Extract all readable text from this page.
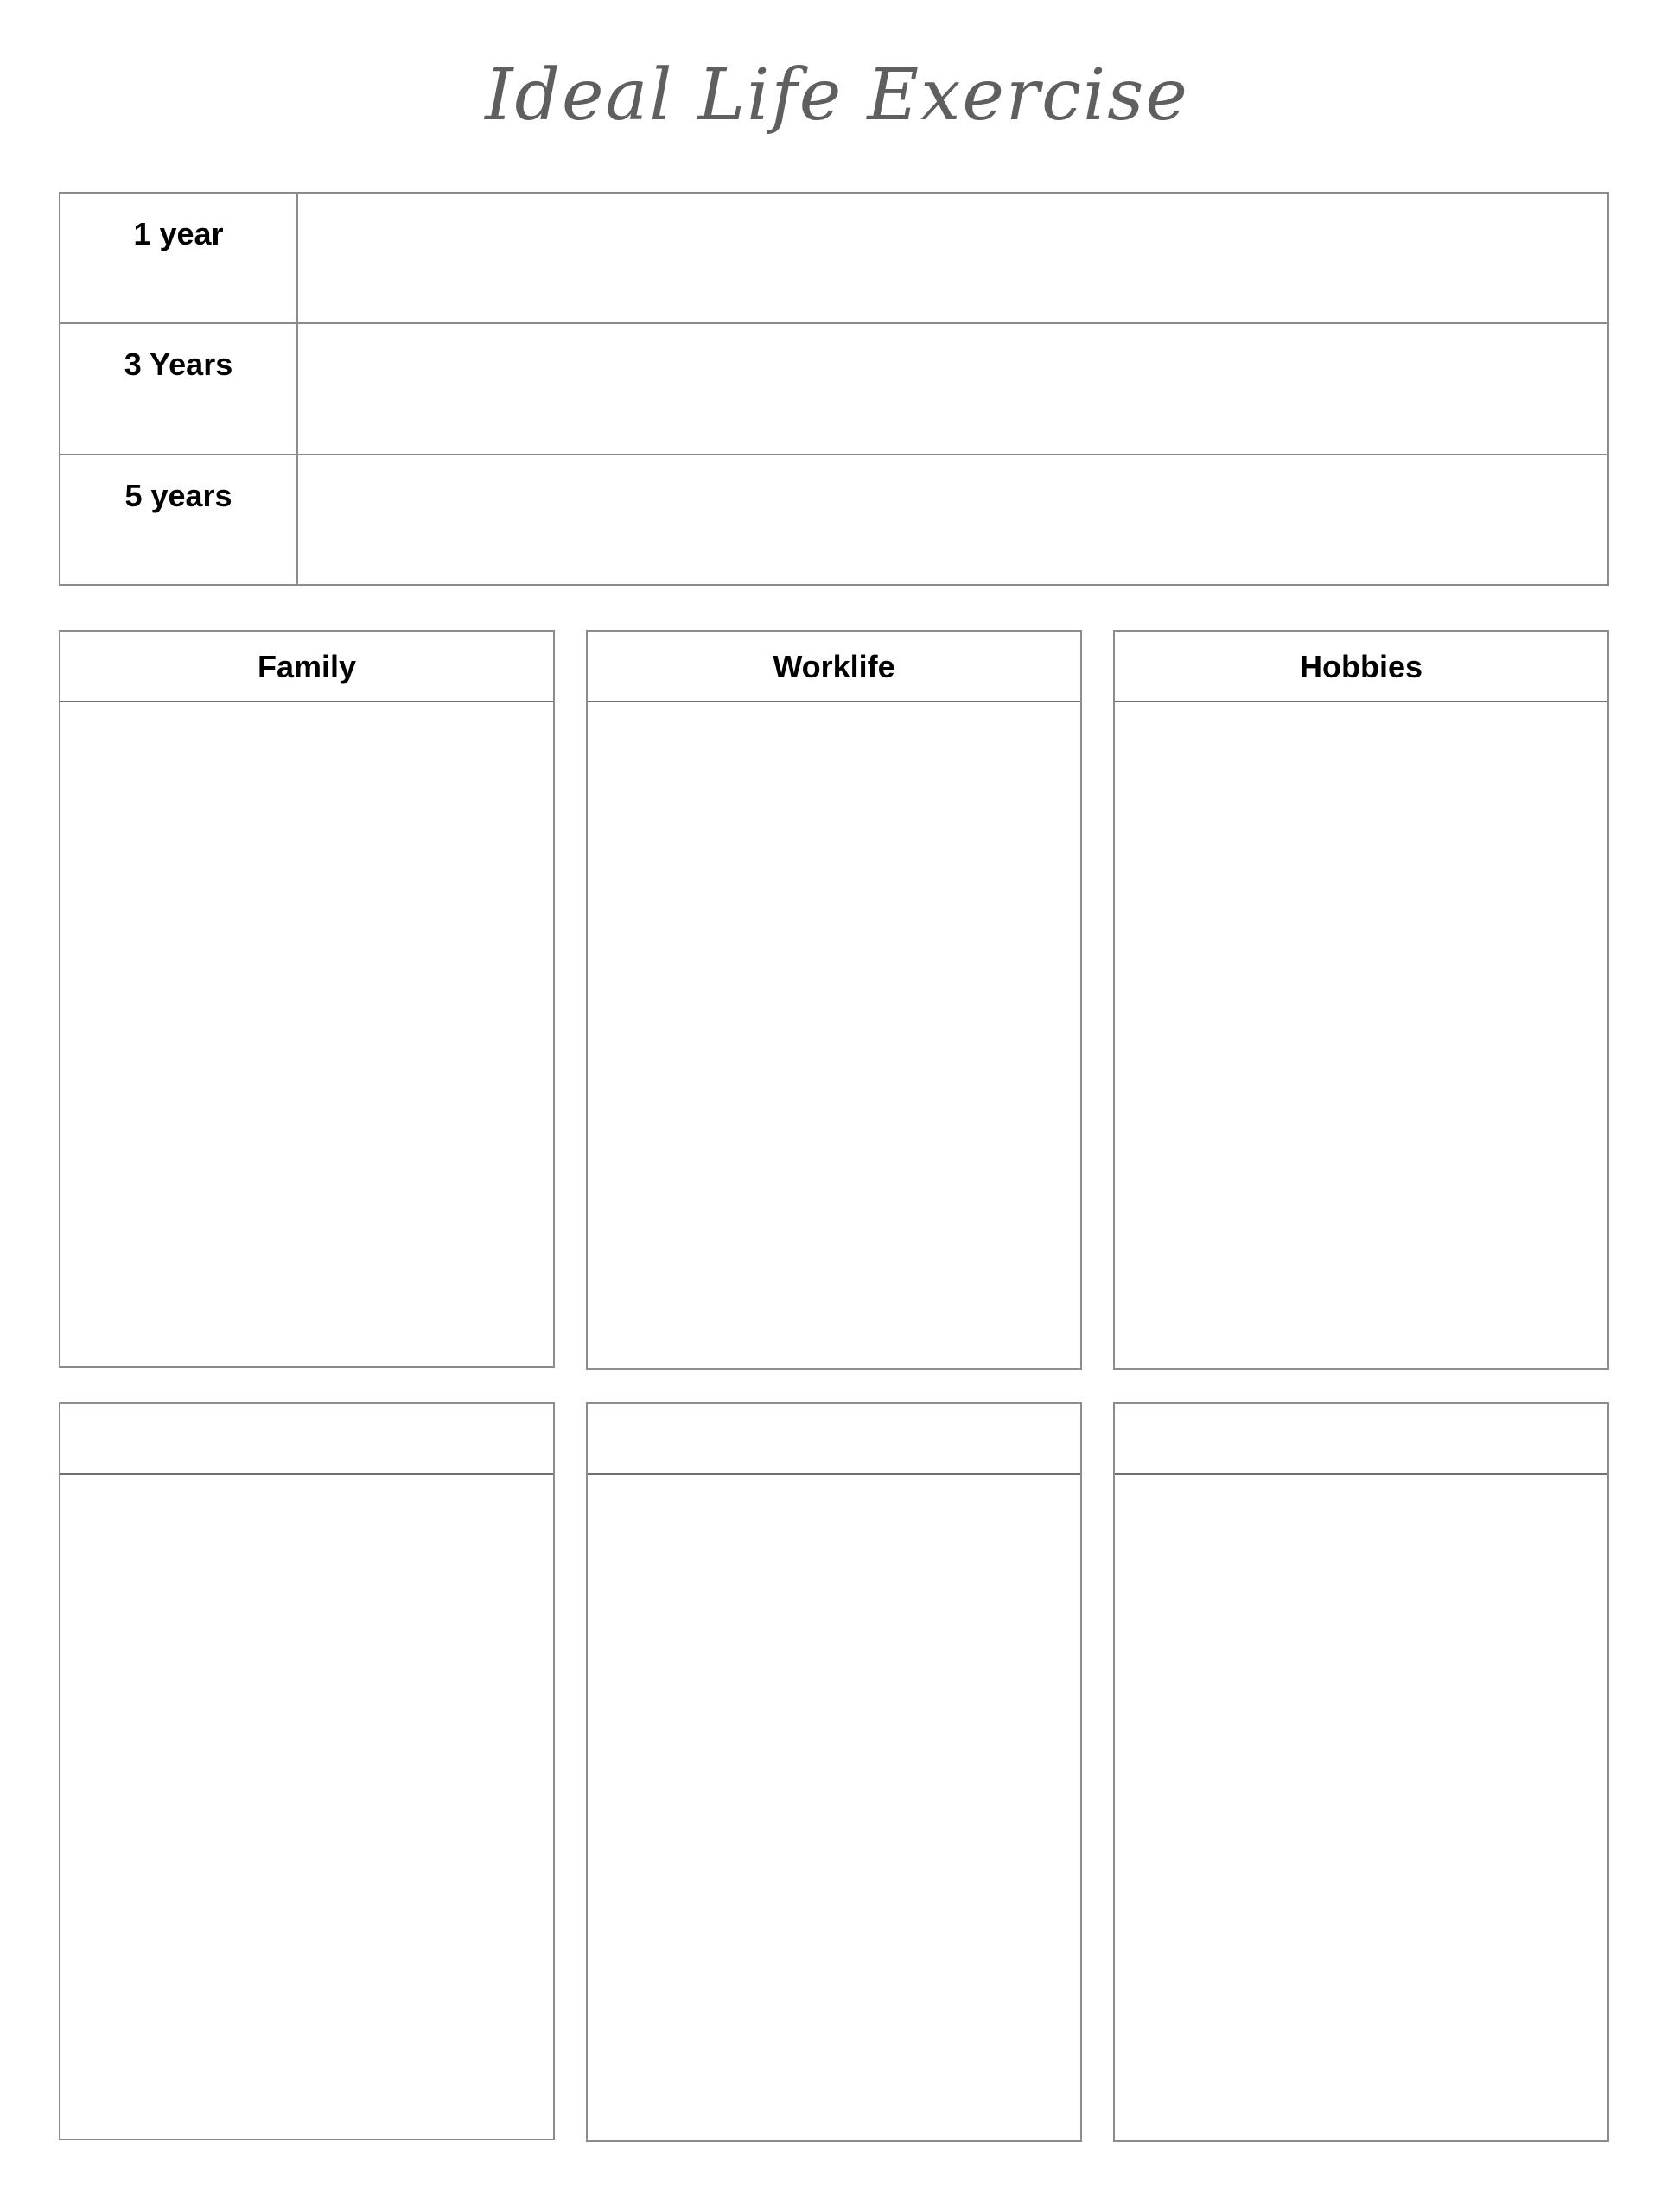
Ideal Life Exercise
1 year
3 Years
5 years
Family	Worklife	Hobbies
